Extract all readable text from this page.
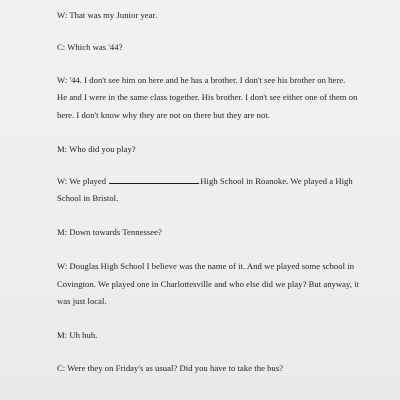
W: That was my Junior year.
C: Which was '44?
W: '44. I don't see him on here and he has a brother. I don't see his brother on here.
He and I were in the same class together. His brother. I don't see either one of them on
here. I don't know why they are not on there but they are not.
M: Who did you play?
W: We played	High School in Roanoke. We played a High
School in Bristol.
M: Down towards Tennessee?
W: Douglas High School I believe was the name of it. And we played some school in
Covington. We played one in Charlottesville and who else did we play? But anyway, it
was just local.
M: Uh huh.
C: Were they on Friday's as usual? Did you have to take the bus?
